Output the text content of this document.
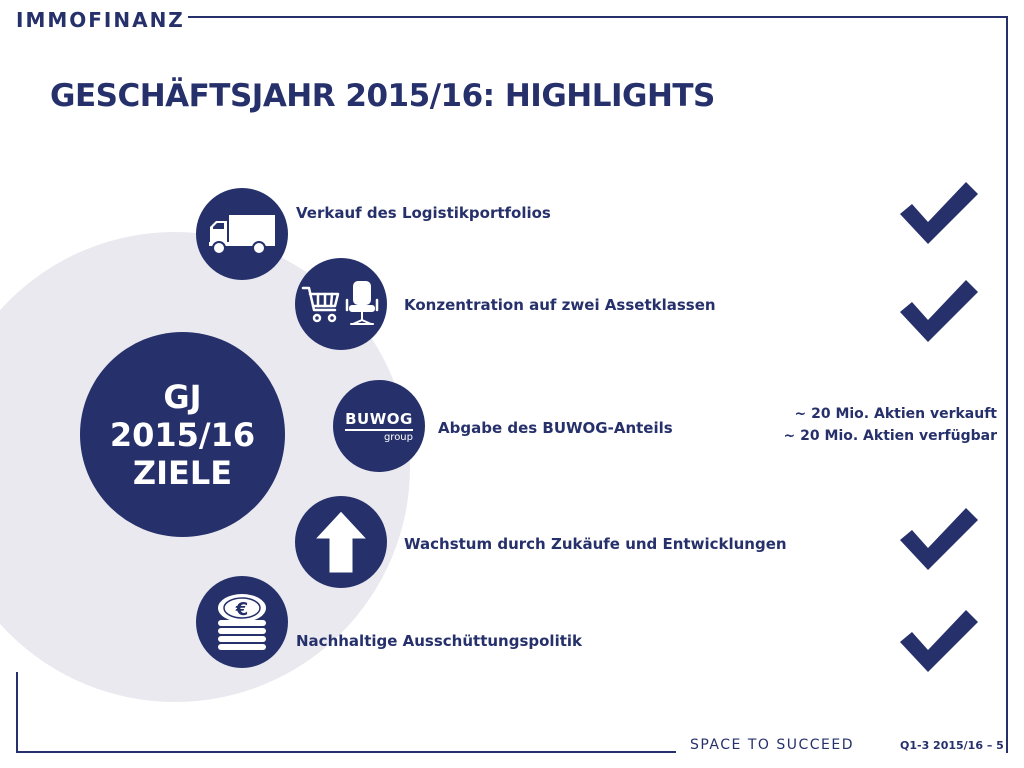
IMMOFINANZ
GESCHÄFTSJAHR 2015/16: HIGHLIGHTS
GJ
2015/16
ZIELE
Verkauf des Logistikportfolios
Konzentration auf zwei Assetklassen
BUWOG
group	Abgabe des BUWOG-Anteils
~ 20 Mio. Aktien verkauft
~ 20 Mio. Aktien verfügbar
Wachstum durch Zukäufe und Entwicklungen
€
Nachhaltige Ausschüttungspolitik
SPACE TO SUCCEED	Q1-3 2015/16 – 5
